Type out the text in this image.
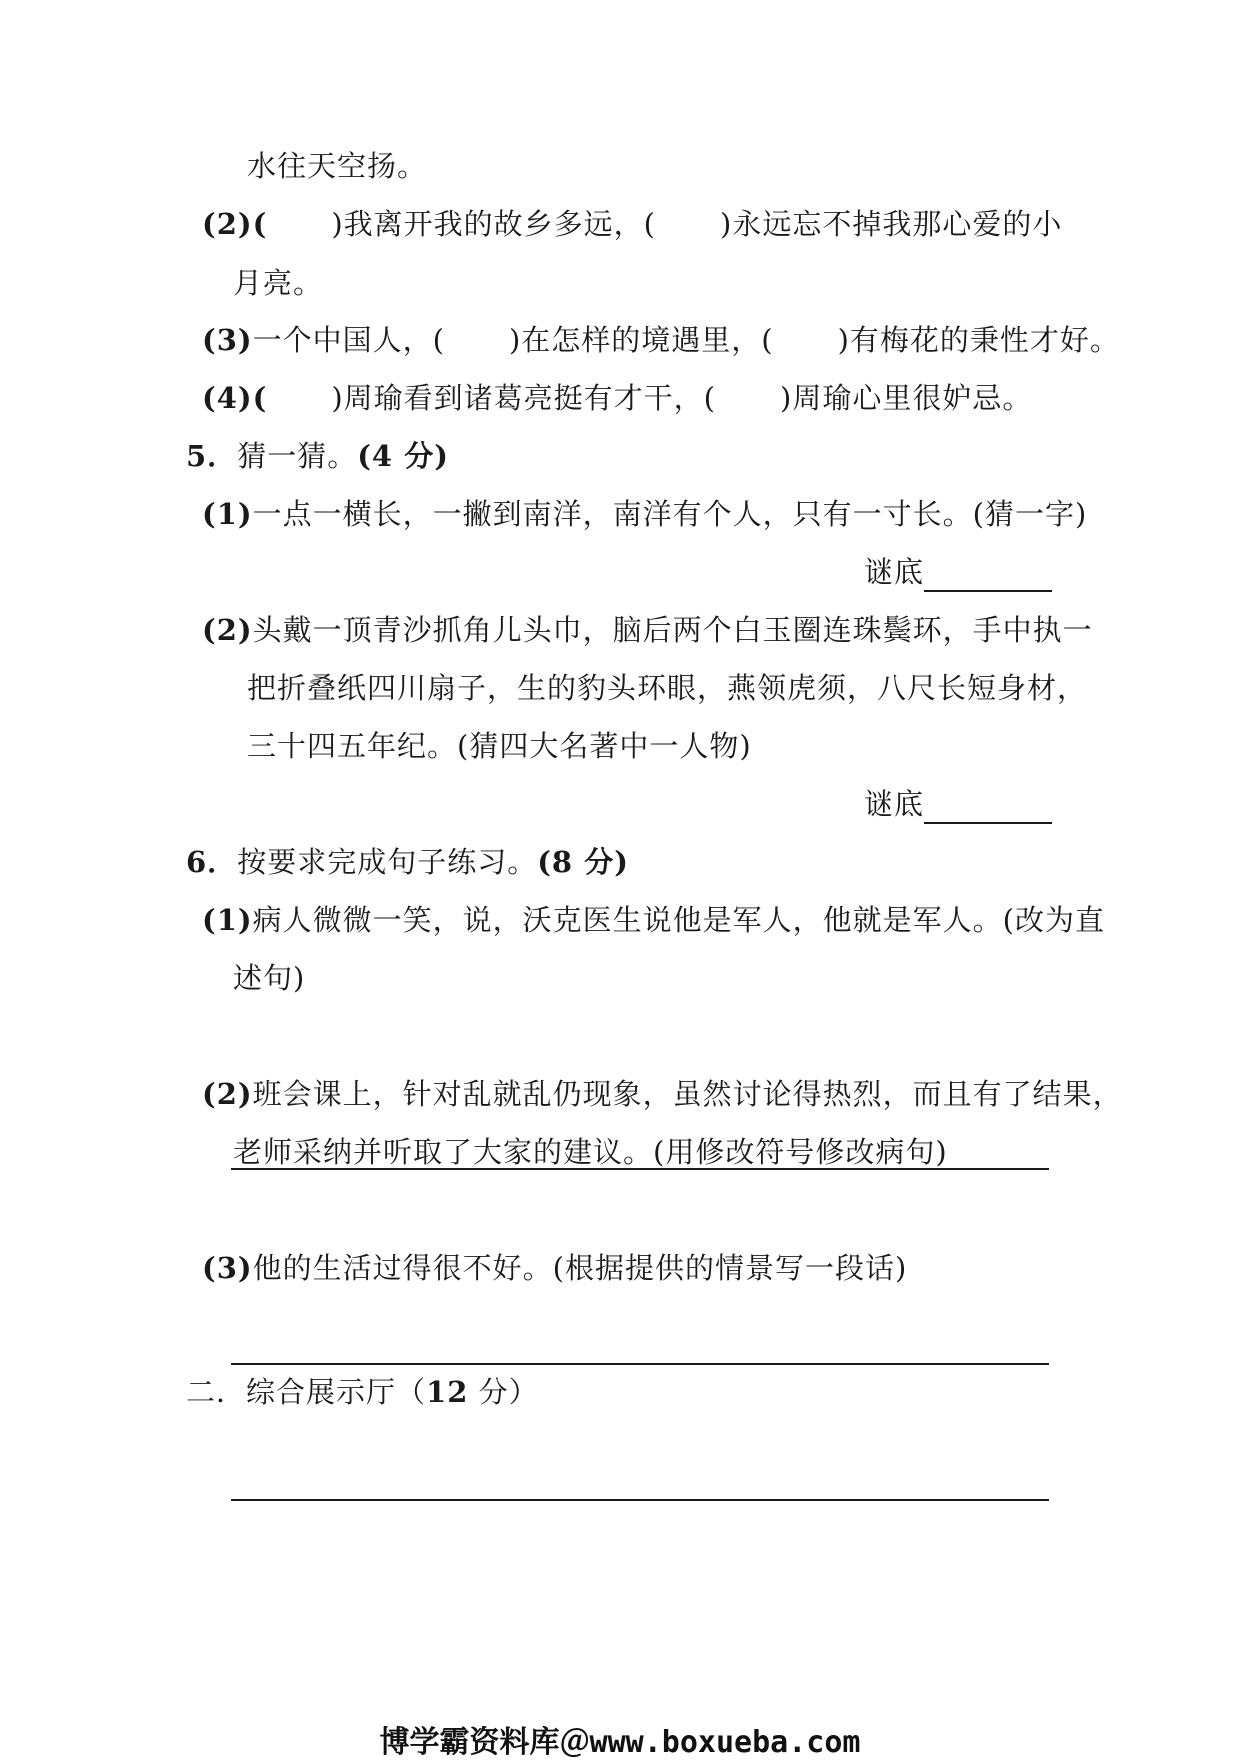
水往天空扬。
(2)( )我离开我的故乡多远，( )永远忘不掉我那心爱的小
月亮。
(3)一个中国人，( )在怎样的境遇里，( )有梅花的秉性才好。
(4)( )周瑜看到诸葛亮挺有才干，( )周瑜心里很妒忌。
5．猜一猜。(4 分)
(1)一点一横长，一撇到南洋，南洋有个人，只有一寸长。(猜一字)
谜底
(2)头戴一顶青沙抓角儿头巾，脑后两个白玉圈连珠鬓环，手中执一
把折叠纸四川扇子，生的豹头环眼，燕领虎须，八尺长短身材，
三十四五年纪。(猜四大名著中一人物)
谜底
6．按要求完成句子练习。(8 分)
(1)病人微微一笑，说，沃克医生说他是军人，他就是军人。(改为直
述句)
(2)班会课上，针对乱就乱仍现象，虽然讨论得热烈，而且有了结果，
老师采纳并听取了大家的建议。(用修改符号修改病句)
(3)他的生活过得很不好。(根据提供的情景写一段话)
二．综合展示厅（12 分）
博学霸资料库＠www.boxueba.com
